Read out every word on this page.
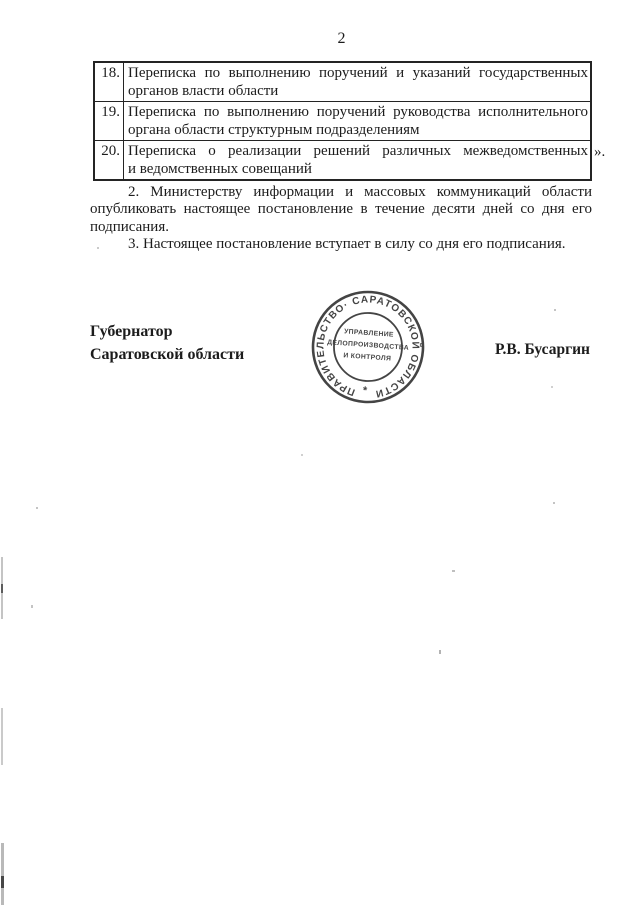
2
18. Переписка по выполнению поручений и указаний государственных
органов власти области
19. Переписка по выполнению поручений руководства исполнительного
органа области структурным подразделениям
20. Переписка о реализации решений различных межведомственных
и ведомственных совещаний
».
2. Министерству информации и массовых коммуникаций области
опубликовать настоящее постановление в течение десяти дней со дня его
подписания.
3. Настоящее постановление вступает в силу со дня его подписания.
Губернатор
Саратовской области	Р.В. Бусаргин
ПРАВИТЕЛЬСТВО· САРАТОВСКОЙ ОБЛАСТИ
*
УПРАВЛЕНИЕ
ДЕЛОПРОИЗВОДСТВА
И КОНТРОЛЯ
